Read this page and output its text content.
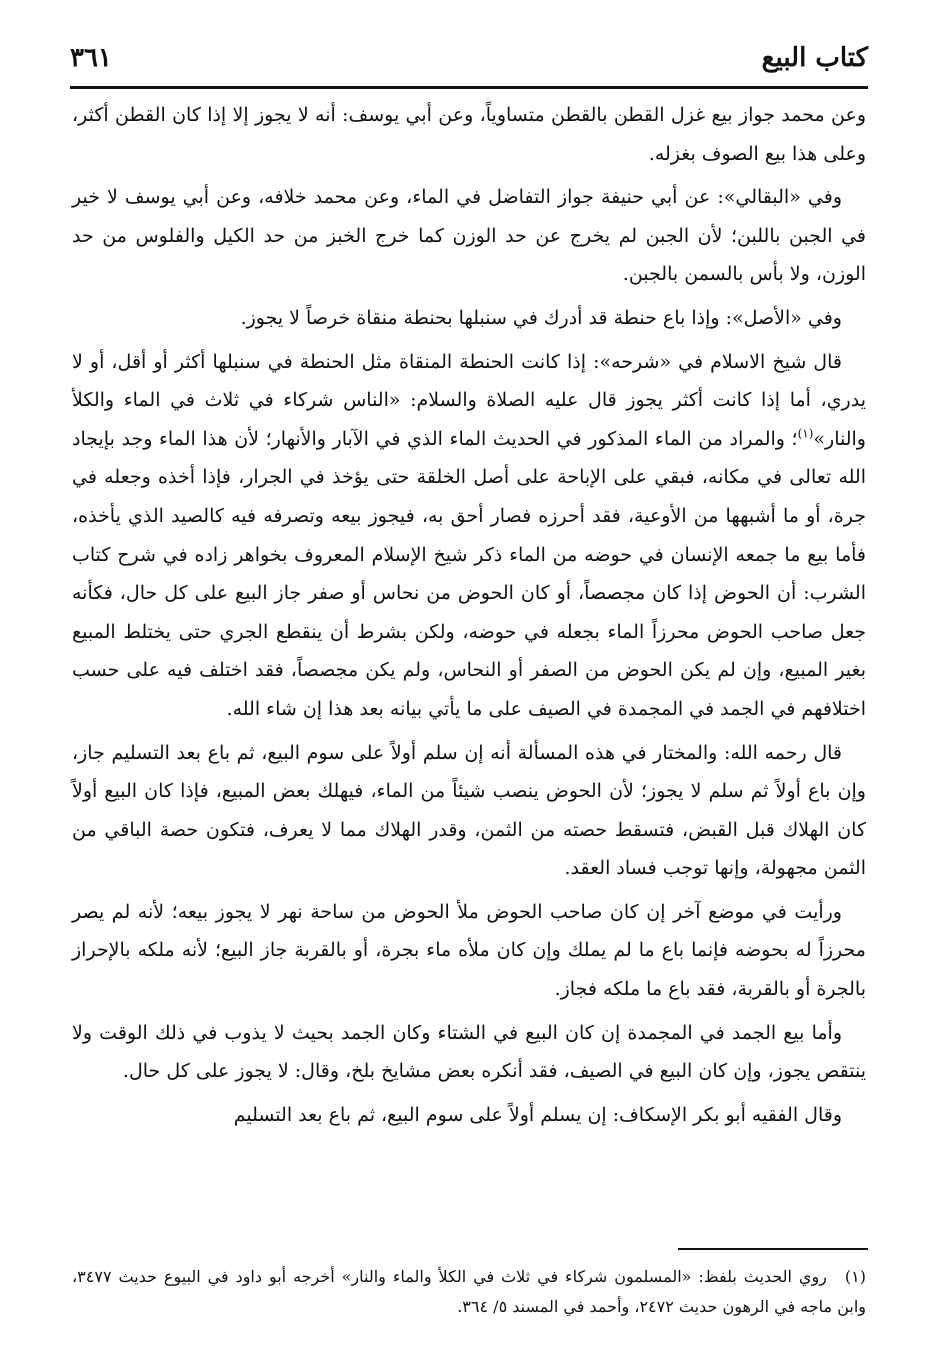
كتاب البيع
٣٦١

وعن محمد جواز بيع غزل القطن بالقطن متساوياً، وعن أبي يوسف: أنه لا يجوز إلا إذا كان القطن أكثر، وعلى هذا بيع الصوف بغزله.

وفي «البقالي»: عن أبي حنيفة جواز التفاضل في الماء، وعن محمد خلافه، وعن أبي يوسف لا خير في الجبن باللبن؛ لأن الجبن لم يخرج عن حد الوزن كما خرج الخبز من حد الكيل والفلوس من حد الوزن، ولا بأس بالسمن بالجبن.

وفي «الأصل»: وإذا باع حنطة قد أدرك في سنبلها بحنطة منقاة خرصاً لا يجوز.

قال شيخ الاسلام في «شرحه»: إذا كانت الحنطة المنقاة مثل الحنطة في سنبلها أكثر أو أقل، أو لا يدري، أما إذا كانت أكثر يجوز قال عليه الصلاة والسلام: «الناس شركاء في ثلاث في الماء والكلأ والنار»$^{(١)}$؛ والمراد من الماء المذكور في الحديث الماء الذي في الآبار والأنهار؛ لأن هذا الماء وجد بإيجاد الله تعالى في مكانه، فبقي على الإباحة على أصل الخلقة حتى يؤخذ في الجرار، فإذا أخذه وجعله في جرة، أو ما أشبهها من الأوعية، فقد أحرزه فصار أحق به، فيجوز بيعه وتصرفه فيه كالصيد الذي يأخذه، فأما بيع ما جمعه الإنسان في حوضه من الماء ذكر شيخ الإسلام المعروف بخواهر زاده في شرح كتاب الشرب: أن الحوض إذا كان مجصصاً، أو كان الحوض من نحاس أو صفر جاز البيع على كل حال، فكأنه جعل صاحب الحوض محرزاً الماء بجعله في حوضه، ولكن بشرط أن ينقطع الجري حتى يختلط المبيع بغير المبيع، وإن لم يكن الحوض من الصفر أو النحاس، ولم يكن مجصصاً، فقد اختلف فيه على حسب اختلافهم في الجمد في المجمدة في الصيف على ما يأتي بيانه بعد هذا إن شاء الله.

قال رحمه الله: والمختار في هذه المسألة أنه إن سلم أولاً على سوم البيع، ثم باع بعد التسليم جاز، وإن باع أولاً ثم سلم لا يجوز؛ لأن الحوض ينصب شيئاً من الماء، فيهلك بعض المبيع، فإذا كان البيع أولاً كان الهلاك قبل القبض، فتسقط حصته من الثمن، وقدر الهلاك مما لا يعرف، فتكون حصة الباقي من الثمن مجهولة، وإنها توجب فساد العقد.

ورأيت في موضع آخر إن كان صاحب الحوض ملأ الحوض من ساحة نهر لا يجوز بيعه؛ لأنه لم يصر محرزاً له بحوضه فإنما باع ما لم يملك وإن كان ملأه ماء بجرة، أو بالقربة جاز البيع؛ لأنه ملكه بالإحراز بالجرة أو بالقربة، فقد باع ما ملكه فجاز.

وأما بيع الجمد في المجمدة إن كان البيع في الشتاء وكان الجمد بحيث لا يذوب في ذلك الوقت ولا ينتقص يجوز، وإن كان البيع في الصيف، فقد أنكره بعض مشايخ بلخ، وقال: لا يجوز على كل حال.

وقال الفقيه أبو بكر الإسكاف: إن يسلم أولاً على سوم البيع، ثم باع بعد التسليم

(١)روي الحديث بلفظ: «المسلمون شركاء في ثلاث في الكلأ والماء والنار» أخرجه أبو داود في البيوع حديث ٣٤٧٧، وابن ماجه في الرهون حديث ٢٤٧٢، وأحمد في المسند ٥/ ٣٦٤.
